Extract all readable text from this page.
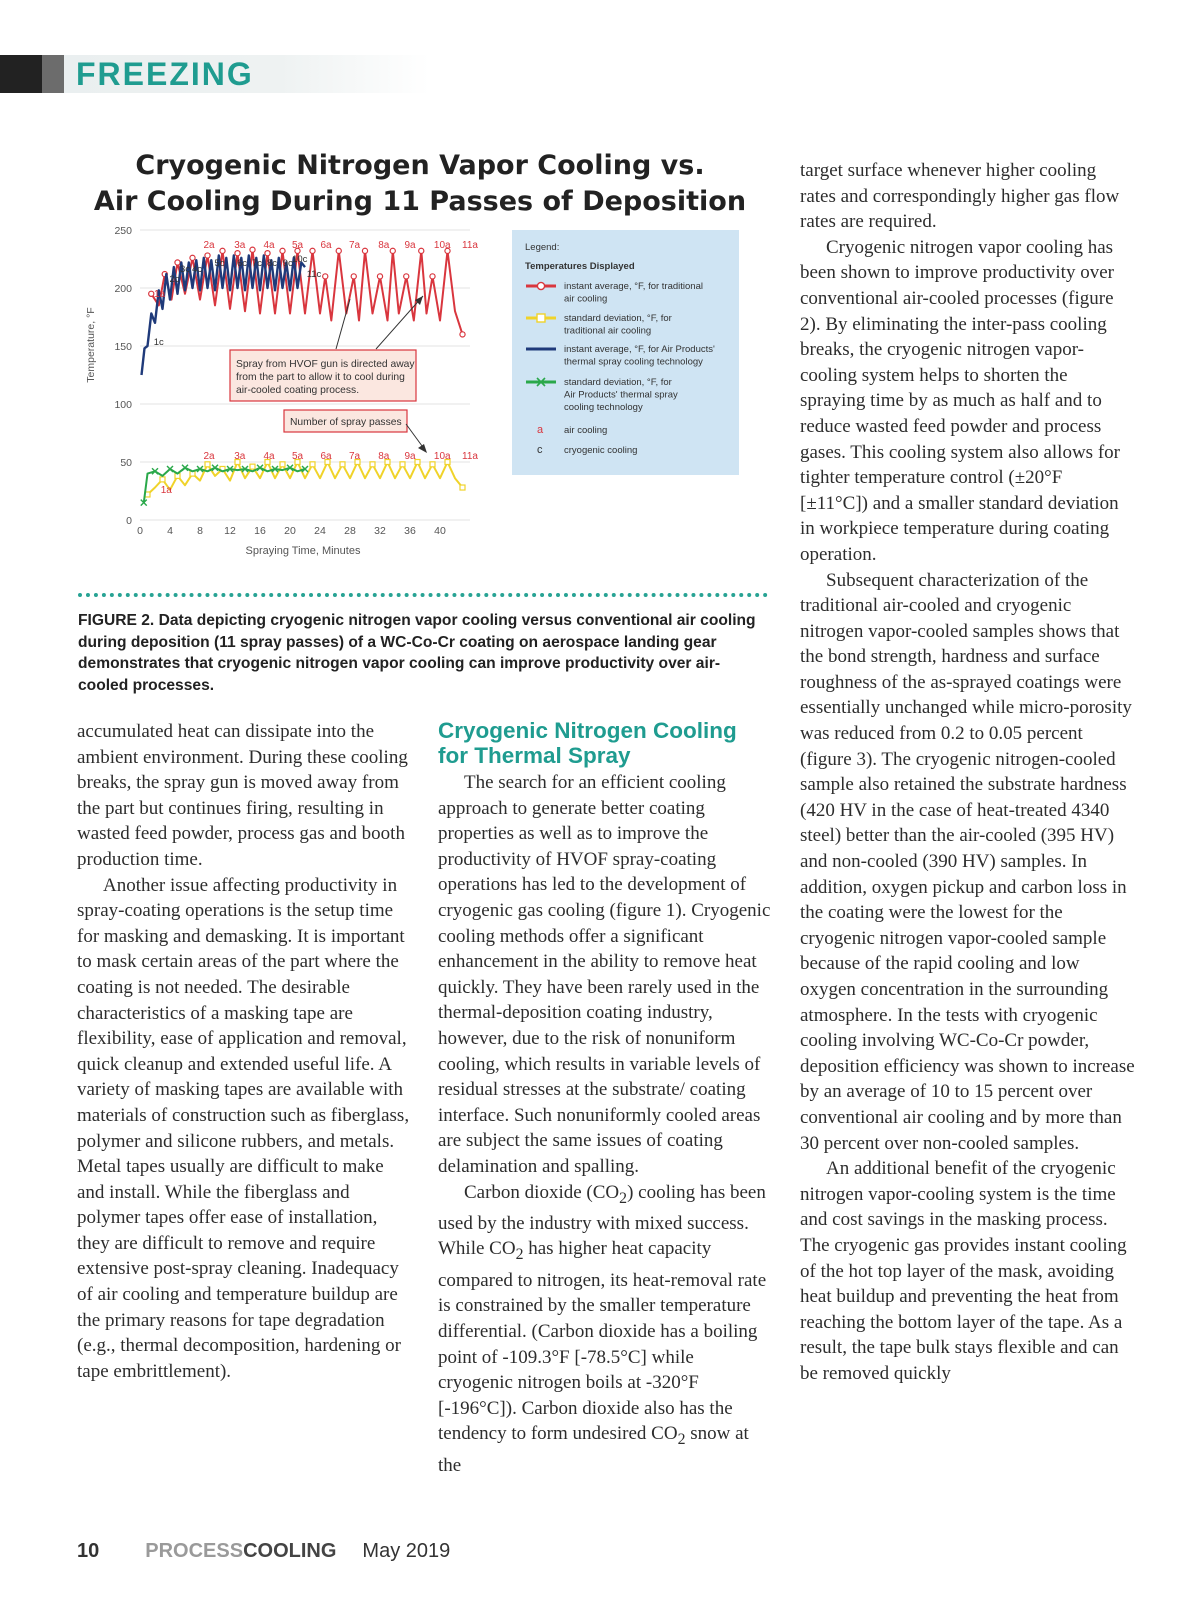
FREEZING
Cryogenic Nitrogen Vapor Cooling vs.
Air Cooling During 11 Passes of Deposition
0
50
100
150
200
250
0 4 8 12 16 20 24 28 32 36 40
Temperature, °F
Spraying Time, Minutes
2a 3a 4a 5a 6a 7a 8a 9a 10a 11a
2a 3a 4a 5a 6a 7a 8a 9a 10a 11a
1a
1a
1c
2c
3c 4c
5c 6c 7c 8c 9c 10c
11c
Spray from HVOF gun is directed away
from the part to allow it to cool during
air-cooled coating process.
Number of spray passes
Legend:
Temperatures Displayed
instant average, °F, for traditional
air cooling
standard deviation, °F, for
traditional air cooling
instant average, °F, for Air Products'
thermal spray cooling technology
standard deviation, °F, for
Air Products' thermal spray
cooling technology
a air cooling
c cryogenic cooling
FIGURE 2. Data depicting cryogenic nitrogen vapor cooling versus conventional air cooling during deposition (11 spray passes) of a WC-Co-Cr coating on aerospace landing gear demonstrates that cryogenic nitrogen vapor cooling can improve productivity over air-cooled processes.

accumulated heat can dissipate into the ambient environment. During these cooling breaks, the spray gun is moved away from the part but continues firing, resulting in wasted feed powder, process gas and booth production time.

Another issue affecting productivity in spray-coating operations is the setup time for masking and demasking. It is important to mask certain areas of the part where the coating is not needed. The desirable characteristics of a masking tape are flexibility, ease of application and removal, quick cleanup and extended useful life. A variety of masking tapes are available with materials of construction such as fiberglass, polymer and silicone rubbers, and metals. Metal tapes usually are difficult to make and install. While the fiberglass and polymer tapes offer ease of installation, they are difficult to remove and require extensive post-spray cleaning. Inadequacy of air cooling and temperature buildup are the primary reasons for tape degradation (e.g., thermal decomposition, hardening or tape embrittlement).

Cryogenic Nitrogen Cooling
for Thermal Spray

The search for an efficient cooling approach to generate better coating properties as well as to improve the productivity of HVOF spray-coating operations has led to the development of cryogenic gas cooling (figure 1). Cryogenic cooling methods offer a significant enhancement in the ability to remove heat quickly. They have been rarely used in the thermal-deposition coating industry, however, due to the risk of nonuniform cooling, which results in variable levels of residual stresses at the substrate/ coating interface. Such nonuniformly cooled areas are subject the same issues of coating delamination and spalling.

Carbon dioxide $(CO_2)$ cooling has been used by the industry with mixed success. While $CO_2$ has higher heat capacity compared to nitrogen, its heat-removal rate is constrained by the smaller temperature differential. (Carbon dioxide has a boiling point of -109.3°F [-78.5°C] while cryogenic nitrogen boils at -320°F [-196°C]). Carbon dioxide also has the tendency to form undesired $CO_2$ snow at the

target surface whenever higher cooling rates and correspondingly higher gas flow rates are required.

Cryogenic nitrogen vapor cooling has been shown to improve productivity over conventional air-cooled processes (figure 2). By eliminating the inter-pass cooling breaks, the cryogenic nitrogen vapor-cooling system helps to shorten the spraying time by as much as half and to reduce wasted feed powder and process gases. This cooling system also allows for tighter temperature control (±20°F [±11°C]) and a smaller standard deviation in workpiece temperature during coating operation.

Subsequent characterization of the traditional air-cooled and cryogenic nitrogen vapor-cooled samples shows that the bond strength, hardness and surface roughness of the as-sprayed coatings were essentially unchanged while micro-porosity was reduced from 0.2 to 0.05 percent (figure 3). The cryogenic nitrogen-cooled sample also retained the substrate hardness (420 HV in the case of heat-treated 4340 steel) better than the air-cooled (395 HV) and non-cooled (390 HV) samples. In addition, oxygen pickup and carbon loss in the coating were the lowest for the cryogenic nitrogen vapor-cooled sample because of the rapid cooling and low oxygen concentration in the surrounding atmosphere. In the tests with cryogenic cooling involving WC-Co-Cr powder, deposition efficiency was shown to increase by an average of 10 to 15 percent over conventional air cooling and by more than 30 percent over non-cooled samples.

An additional benefit of the cryogenic nitrogen vapor-cooling system is the time and cost savings in the masking process. The cryogenic gas provides instant cooling of the hot top layer of the mask, avoiding heat buildup and preventing the heat from reaching the bottom layer of the tape. As a result, the tape bulk stays flexible and can be removed quickly

10 PROCESSCOOLING May 2019
